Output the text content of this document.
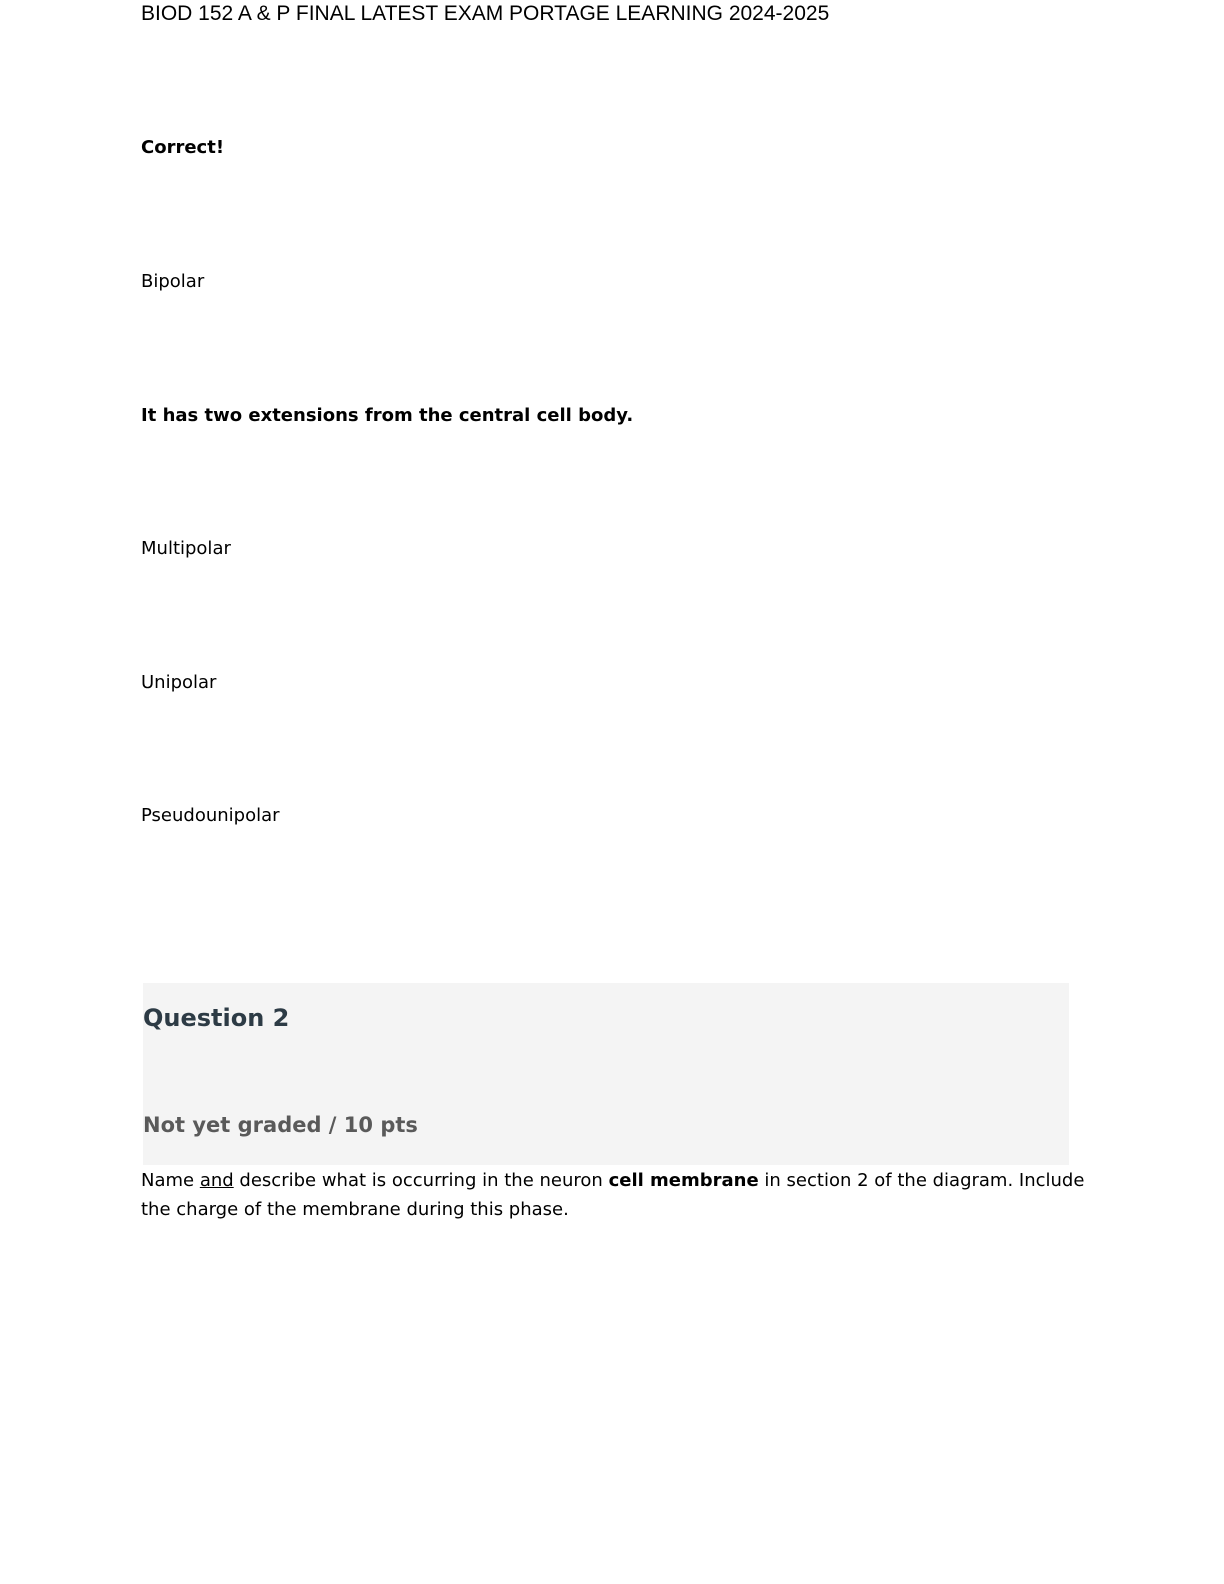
BIOD 152 A & P FINAL LATEST EXAM PORTAGE LEARNING 2024-2025
Correct!
Bipolar
It has two extensions from the central cell body.
Multipolar
Unipolar
Pseudounipolar
Question 2
Not yet graded / 10 pts
Name and describe what is occurring in the neuron cell membrane in section 2 of the diagram. Include the charge of the membrane during this phase.
